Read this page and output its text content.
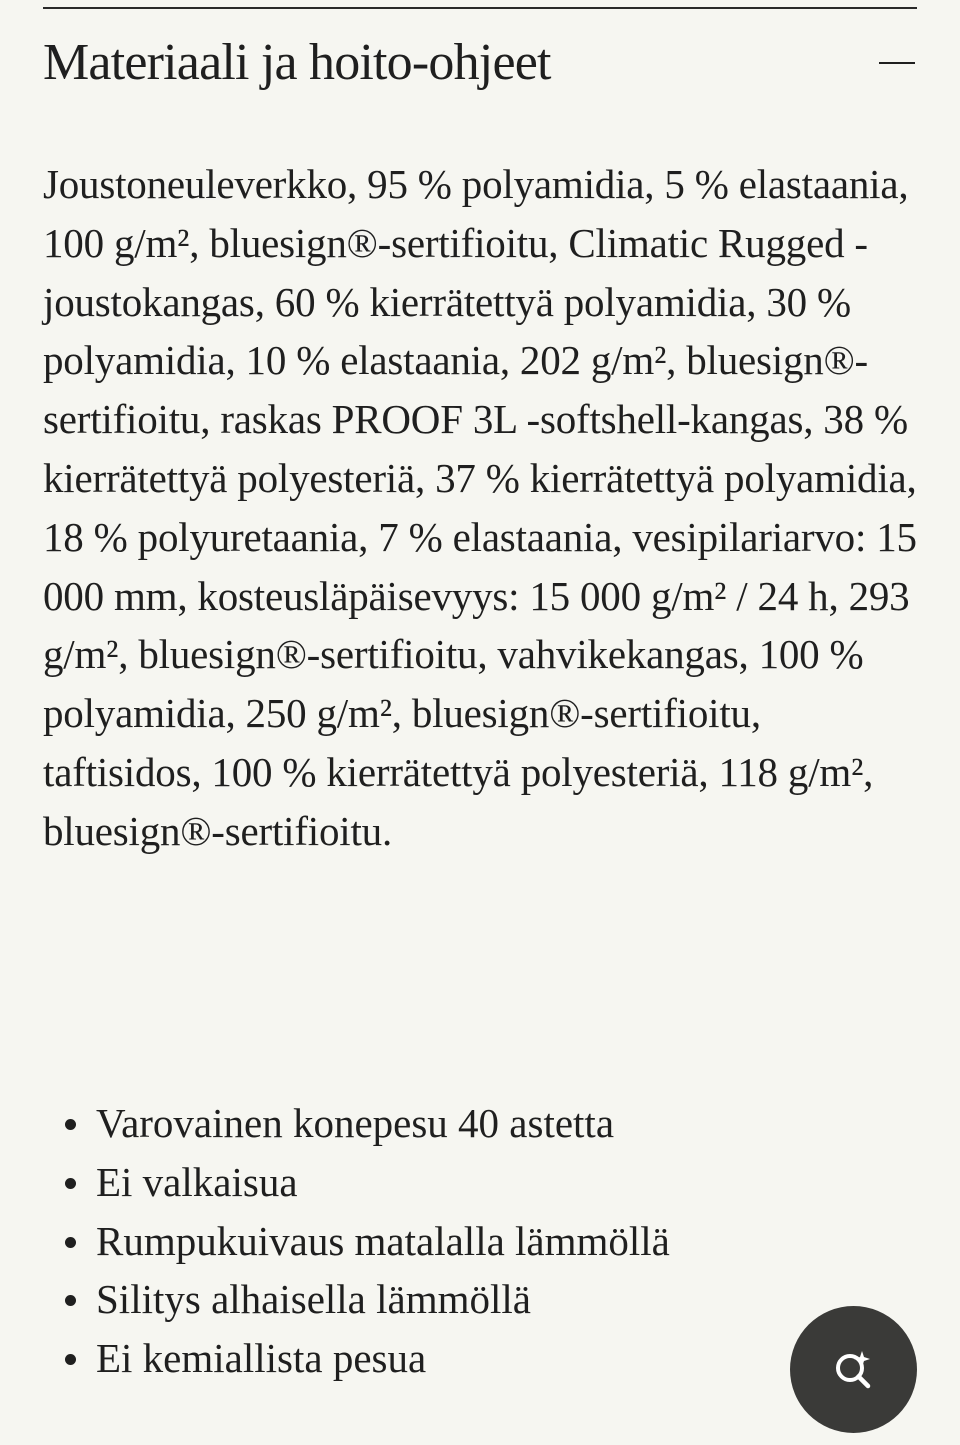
Materiaali ja hoito-ohjeet

Joustoneuleverkko, 95 % polyamidia, 5 % elastaania, 100 g/m², bluesign®-sertifioitu, Climatic Rugged -joustokangas, 60 % kierrätettyä polyamidia, 30 % polyamidia, 10 % elastaania, 202 g/m², bluesign®-sertifioitu, raskas PROOF 3L -softshell-kangas, 38 % kierrätettyä polyesteriä, 37 % kierrätettyä polyamidia, 18 % polyuretaania, 7 % elastaania, vesipilariarvo: 15 000 mm, kosteusläpäisevyys: 15 000 g/m² / 24 h, 293 g/m², bluesign®-sertifioitu, vahvikekangas, 100 % polyamidia, 250 g/m², bluesign®-sertifioitu, taftisidos, 100 % kierrätettyä polyesteriä, 118 g/m², bluesign®-sertifioitu.

Varovainen konepesu 40 astetta
Ei valkaisua
Rumpukuivaus matalalla lämmöllä
Silitys alhaisella lämmöllä
Ei kemiallista pesua
